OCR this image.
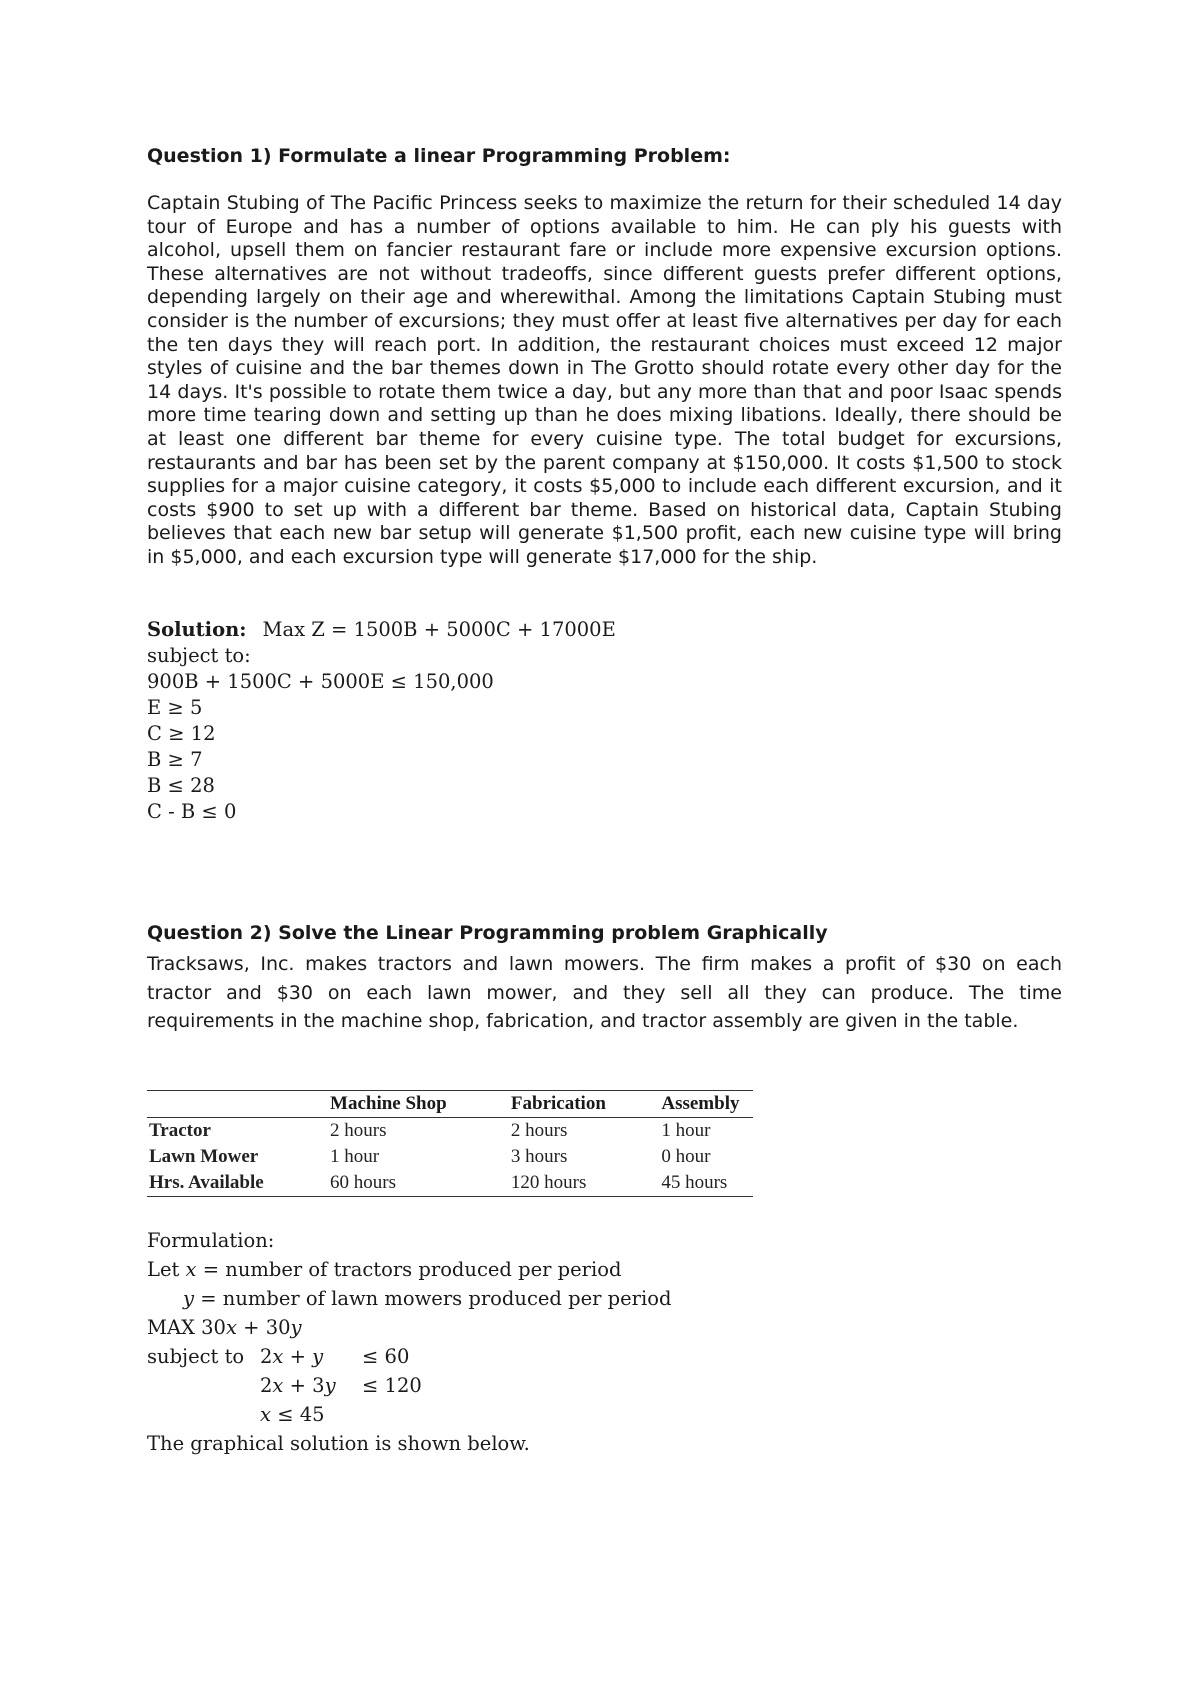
Question 1) Formulate a linear Programming Problem:

Captain Stubing of The Pacific Princess seeks to maximize the return for their scheduled 14 day tour of Europe and has a number of options available to him. He can ply his guests with alcohol, upsell them on fancier restaurant fare or include more expensive excursion options. These alternatives are not without tradeoffs, since different guests prefer different options, depending largely on their age and wherewithal. Among the limitations Captain Stubing must consider is the number of excursions; they must offer at least five alternatives per day for each the ten days they will reach port. In addition, the restaurant choices must exceed 12 major styles of cuisine and the bar themes down in The Grotto should rotate every other day for the 14 days. It's possible to rotate them twice a day, but any more than that and poor Isaac spends more time tearing down and setting up than he does mixing libations. Ideally, there should be at least one different bar theme for every cuisine type. The total budget for excursions, restaurants and bar has been set by the parent company at $150,000. It costs $1,500 to stock supplies for a major cuisine category, it costs $5,000 to include each different excursion, and it costs $900 to set up with a different bar theme. Based on historical data, Captain Stubing believes that each new bar setup will generate $1,500 profit, each new cuisine type will bring in $5,000, and each excursion type will generate $17,000 for the ship.

Solution: Max Z = 1500B + 5000C + 17000E
subject to:
900B + 1500C + 5000E ≤ 150,000
E ≥ 5
C ≥ 12
B ≥ 7
B ≤ 28
C - B ≤ 0
Question 2) Solve the Linear Programming problem Graphically

Tracksaws, Inc. makes tractors and lawn mowers. The firm makes a profit of $30 on each tractor and $30 on each lawn mower, and they sell all they can produce. The time requirements in the machine shop, fabrication, and tractor assembly are given in the table.

	Machine Shop	Fabrication	Assembly
Tractor	2 hours	2 hours	1 hour
Lawn Mower	1 hour	3 hours	0 hour
Hrs. Available	60 hours	120 hours	45 hours
Formulation:
Let x = number of tractors produced per period
y = number of lawn mowers produced per period
MAX 30x + 30y
subject to 2x + y ≤ 60
2x + 3y ≤ 120
x ≤ 45
The graphical solution is shown below.
